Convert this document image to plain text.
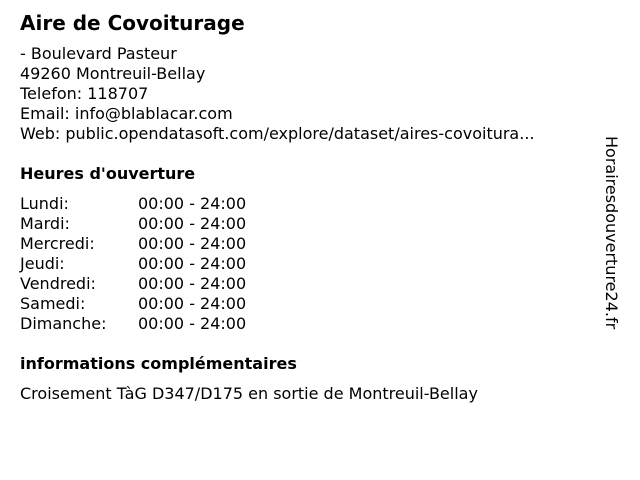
Aire de Covoiturage
- Boulevard Pasteur
49260 Montreuil-Bellay
Telefon: 118707
Email: info@blablacar.com
Web: public.opendatasoft.com/explore/dataset/aires-covoitura...
Heures d'ouverture
Lundi:	00:00 - 24:00
Mardi:	00:00 - 24:00
Mercredi:	00:00 - 24:00
Jeudi:	00:00 - 24:00
Vendredi:	00:00 - 24:00
Samedi:	00:00 - 24:00
Dimanche:	00:00 - 24:00
informations complémentaires
Croisement TàG D347/D175 en sortie de Montreuil-Bellay
Horairesdouverture24.fr
